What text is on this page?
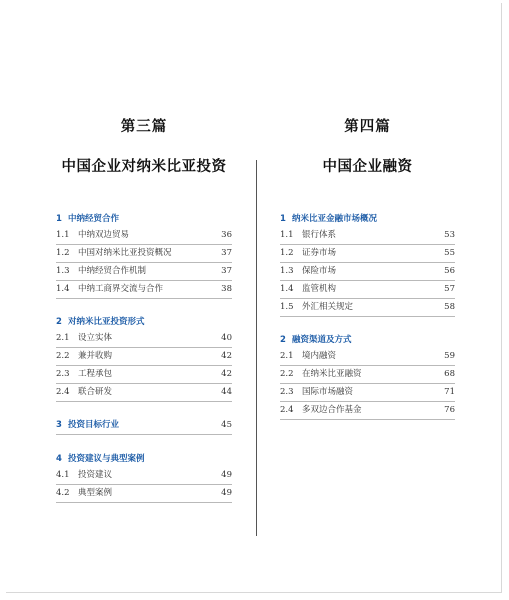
第三篇
中国企业对纳米比亚投资
1 中纳经贸合作
1.1 中纳双边贸易	36
1.2 中国对纳米比亚投资概况	37
1.3 中纳经贸合作机制	37
1.4 中纳工商界交流与合作	38
2 对纳米比亚投资形式
2.1 设立实体	40
2.2 兼并收购	42
2.3 工程承包	42
2.4 联合研发	44
3 投资目标行业	45
4 投资建议与典型案例
4.1 投资建议	49
4.2 典型案例	49
第四篇
中国企业融资
1 纳米比亚金融市场概况
1.1 银行体系	53
1.2 证券市场	55
1.3 保险市场	56
1.4 监管机构	57
1.5 外汇相关规定	58
2 融资渠道及方式
2.1 境内融资	59
2.2 在纳米比亚融资	68
2.3 国际市场融资	71
2.4 多双边合作基金	76
